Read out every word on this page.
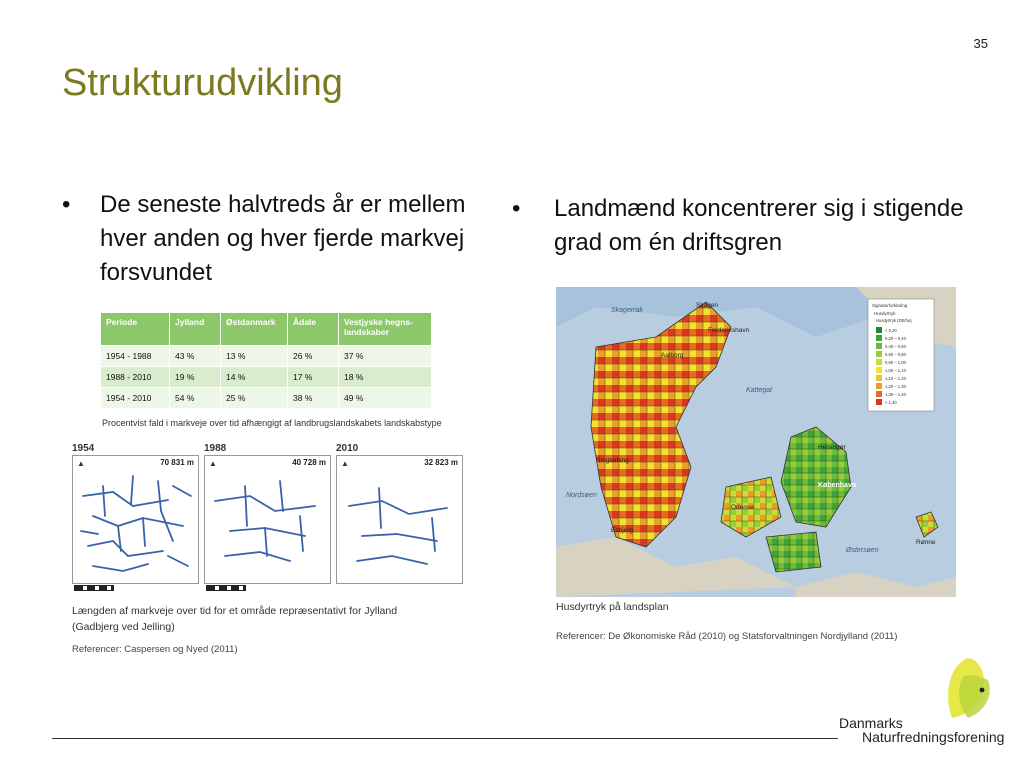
35
Strukturudvikling
•	De seneste halvtreds år er mellem hver anden og hver fjerde markvej forsvundet
•	Landmænd koncentrerer sig i stigende grad om én driftsgren
Periode	Jylland	Østdanmark	Ådale	Vestjyske hegns-landskaber
1954 - 1988	43 %	13 %	26 %	37 %
1988 - 2010	19 %	14 %	17 %	18 %
1954 - 2010	54 %	25 %	38 %	49 %
Procentvist fald i markveje over tid afhængigt af landbrugslandskabets landskabstype
1954	1988	2010
▲	70 831 m ▲	40 728 m ▲	32 823 m
Længden af markveje over tid for et område repræsentativt for Jylland (Gadbjerg ved Jelling)
Referencer: Caspersen og Nyed (2011)
Skagerrak
Kattegat
Nordsøen
Østersøen
Skagen
Frederikshavn
Aalborg
Ringkøbing
København
Helsingør
Odense
Rønne
Esbjerg
Signaturforklaring
Husdyrtryk
Husdyrtryk (DE/ha)
< 0,20
0,20 – 0,40
0,40 – 0,60
0,60 – 0,80
0,80 – 1,00
1,00 – 1,10
1,10 – 1,20
1,20 – 1,30
1,30 – 1,40
> 1,40
Husdyrtryk på landsplan
Referencer: De Økonomiske Råd (2010) og Statsforvaltningen Nordjylland (2011)
Danmarks
Naturfredningsforening
